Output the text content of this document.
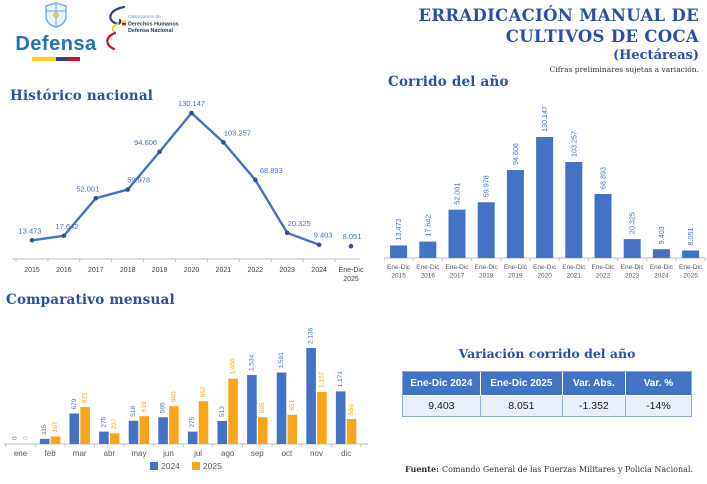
Defensa
Observatorio de
Derechos Humanos
Defensa Nacional
ERRADICACIÓN MANUAL DE
CULTIVOS DE COCA
(Hectáreas)
Cifras preliminares sujetas a variación.
Histórico nacional
Corrido del año
Comparativo mensual
13.473
2015
17.642
2016
52.001
2017
59.978
2018
94.606
2019
130.147
2020
103.257
2021
68.893
2022
20.325
2023
9.403
2024
8.051
Ene-Dic
2025
13.473
Ene-Dic
2015
17.642
Ene-Dic
2016
52.001
Ene-Dic
2017
59.978
Ene-Dic
2018
94.606
Ene-Dic
2019
130.147
Ene-Dic
2020
103.257
Ene-Dic
2021
68.893
Ene-Dic
2022
20.325
Ene-Dic
2023
9.403
Ene-Dic
2024
8.051
Ene-Dic
2025
ene
0 0
feb
115 167
mar
679
821
abr
275 237
may
518 619
jun
595
840
jul
275
952
ago
513
1.456
sep
1.534
595
oct
1.591
651
nov
2.136
1.157
dic
1.171
556
2024	2025
Variación corrido del año
Ene-Dic 2024	Ene-Dic 2025	Var. Abs.	Var. %
9.403	8.051	-1.352	-14%
Fuente: Comando General de las Fuerzas Militares y Policía Nacional.
